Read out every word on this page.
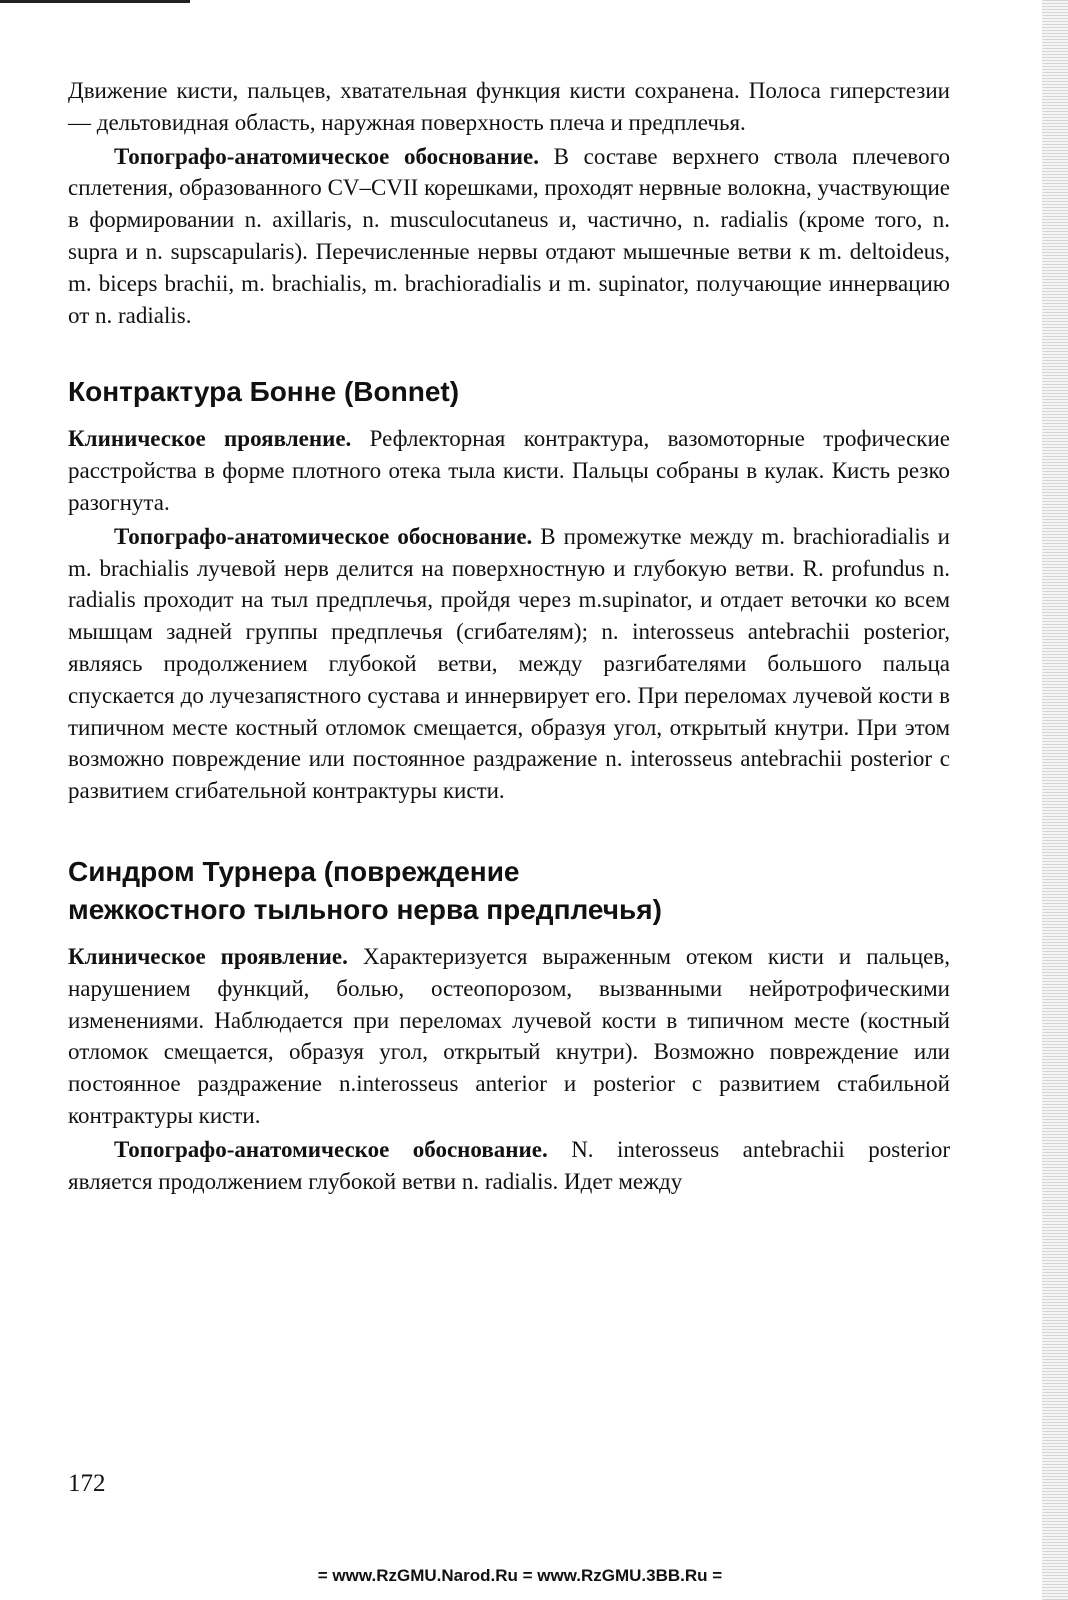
Движение кисти, пальцев, хватательная функция кисти сохранена. Полоса гиперстезии — дельтовидная область, наружная поверхность плеча и предплечья.

Топографо-анатомическое обоснование. В составе верхнего ствола плечевого сплетения, образованного CV–CVII корешками, проходят нервные волокна, участвующие в формировании n. axillaris, n. musculocutaneus и, частично, n. radialis (кроме того, n. supra и n. supscapularis). Перечисленные нервы отдают мышечные ветви к m. deltoideus, m. biceps brachii, m. brachialis, m. brachioradialis и m. supinator, получающие иннервацию от n. radialis.

Контрактура Бонне (Bonnet)

Клиническое проявление. Рефлекторная контрактура, вазомоторные трофические расстройства в форме плотного отека тыла кисти. Пальцы собраны в кулак. Кисть резко разогнута.

Топографо-анатомическое обоснование. В промежутке между m. brachioradialis и m. brachialis лучевой нерв делится на поверхностную и глубокую ветви. R. profundus n. radialis проходит на тыл предплечья, пройдя через m.supinator, и отдает веточки ко всем мышцам задней группы предплечья (сгибателям); n. interosseus antebrachii posterior, являясь продолжением глубокой ветви, между разгибателями большого пальца спускается до лучезапястного сустава и иннервирует его. При переломах лучевой кости в типичном месте костный отломок смещается, образуя угол, открытый кнутри. При этом возможно повреждение или постоянное раздражение n. interosseus antebrachii posterior с развитием сгибательной контрактуры кисти.

Синдром Турнера (повреждение
межкостного тыльного нерва предплечья)

Клиническое проявление. Характеризуется выраженным отеком кисти и пальцев, нарушением функций, болью, остеопорозом, вызванными нейротрофическими изменениями. Наблюдается при переломах лучевой кости в типичном месте (костный отломок смещается, образуя угол, открытый кнутри). Возможно повреждение или постоянное раздражение n.interosseus anterior и posterior с развитием стабильной контрактуры кисти.

Топографо-анатомическое обоснование. N. interosseus antebrachii posterior является продолжением глубокой ветви n. radialis. Идет между

172
= www.RzGMU.Narod.Ru = www.RzGMU.3BB.Ru =
